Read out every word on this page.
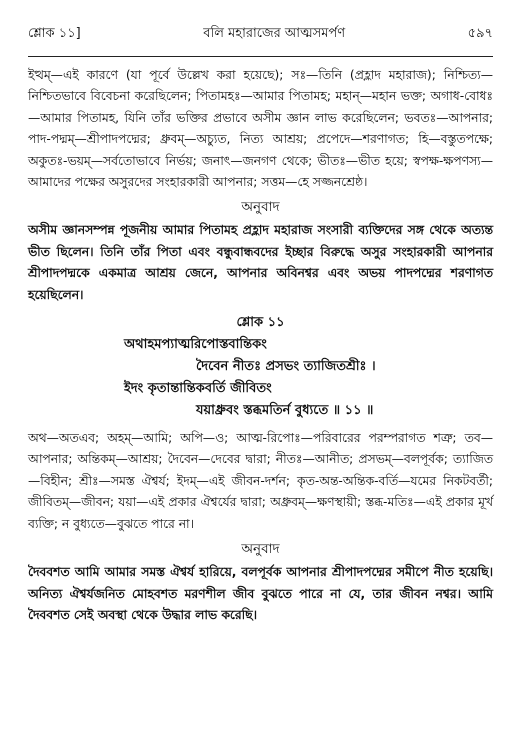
শ্লোক ১১]	বলি মহারাজের আত্মসমর্পণ	৫৯৭

ইত্থম্—এই কারণে (যা পূর্বে উল্লেখ করা হয়েছে); সঃ—তিনি (প্রহ্লাদ মহারাজ); নিশ্চিত্য—নিশ্চিতভাবে বিবেচনা করেছিলেন; পিতামহঃ—আমার পিতামহ; মহান্—মহান ভক্ত; অগাধ-বোধঃ—আমার পিতামহ, যিনি তাঁর ভক্তির প্রভাবে অসীম জ্ঞান লাভ করেছিলেন; ভবতঃ—আপনার; পাদ-পদ্মম্—শ্রীপাদপদ্মের; ধ্রুবম্—অচ্যুত, নিত্য আশ্রয়; প্রপেদে—শরণাগত; হি—বস্তুতপক্ষে; অকুতঃ-ভয়ম্—সর্বতোভাবে নির্ভয়; জনাৎ—জনগণ থেকে; ভীতঃ—ভীত হয়ে; স্বপক্ষ-ক্ষপণস্য—আমাদের পক্ষের অসুরদের সংহারকারী আপনার; সত্তম—হে সজ্জনশ্রেষ্ঠ।

অনুবাদ

অসীম জ্ঞানসম্পন্ন পূজনীয় আমার পিতামহ প্রহ্লাদ মহারাজ সংসারী ব্যক্তিদের সঙ্গ থেকে অত্যন্ত ভীত ছিলেন। তিনি তাঁর পিতা এবং বন্ধুবান্ধবদের ইচ্ছার বিরুদ্ধে অসুর সংহারকারী আপনার শ্রীপাদপদ্মকে একমাত্র আশ্রয় জেনে, আপনার অবিনশ্বর এবং অভয় পাদপদ্মের শরণাগত হয়েছিলেন।

শ্লোক ১১
অথাহমপ্যাত্মরিপোস্তবান্তিকং
দৈবেন নীতঃ প্রসভং ত্যাজিতশ্রীঃ ।
ইদং কৃতান্তান্তিকবর্তি জীবিতং
যয়াধ্রুবং স্তব্ধমতির্ন বুধ্যতে ॥ ১১ ॥

অথ—অতএব; অহম্—আমি; অপি—ও; আত্ম-রিপোঃ—পরিবারের পরম্পরাগত শত্রু; তব—আপনার; অন্তিকম্—আশ্রয়; দৈবেন—দেবের দ্বারা; নীতঃ—আনীত; প্রসভম্—বলপূর্বক; ত্যাজিত—বিহীন; শ্রীঃ—সমস্ত ঐশ্বর্য; ইদম্—এই জীবন-দর্শন; কৃত-অন্ত-অন্তিক-বর্তি—যমের নিকটবর্তী; জীবিতম্—জীবন; যয়া—এই প্রকার ঐশ্বর্যের দ্বারা; অধ্রুবম্—ক্ষণস্থায়ী; স্তব্ধ-মতিঃ—এই প্রকার মূর্খ ব্যক্তি; ন বুধ্যতে—বুঝতে পারে না।

অনুবাদ

দৈববশত আমি আমার সমস্ত ঐশ্বর্য হারিয়ে, বলপূর্বক আপনার শ্রীপাদপদ্মের সমীপে নীত হয়েছি। অনিত্য ঐশ্বর্যজনিত মোহবশত মরণশীল জীব বুঝতে পারে না যে, তার জীবন নশ্বর। আমি দৈববশত সেই অবস্থা থেকে উদ্ধার লাভ করেছি।
